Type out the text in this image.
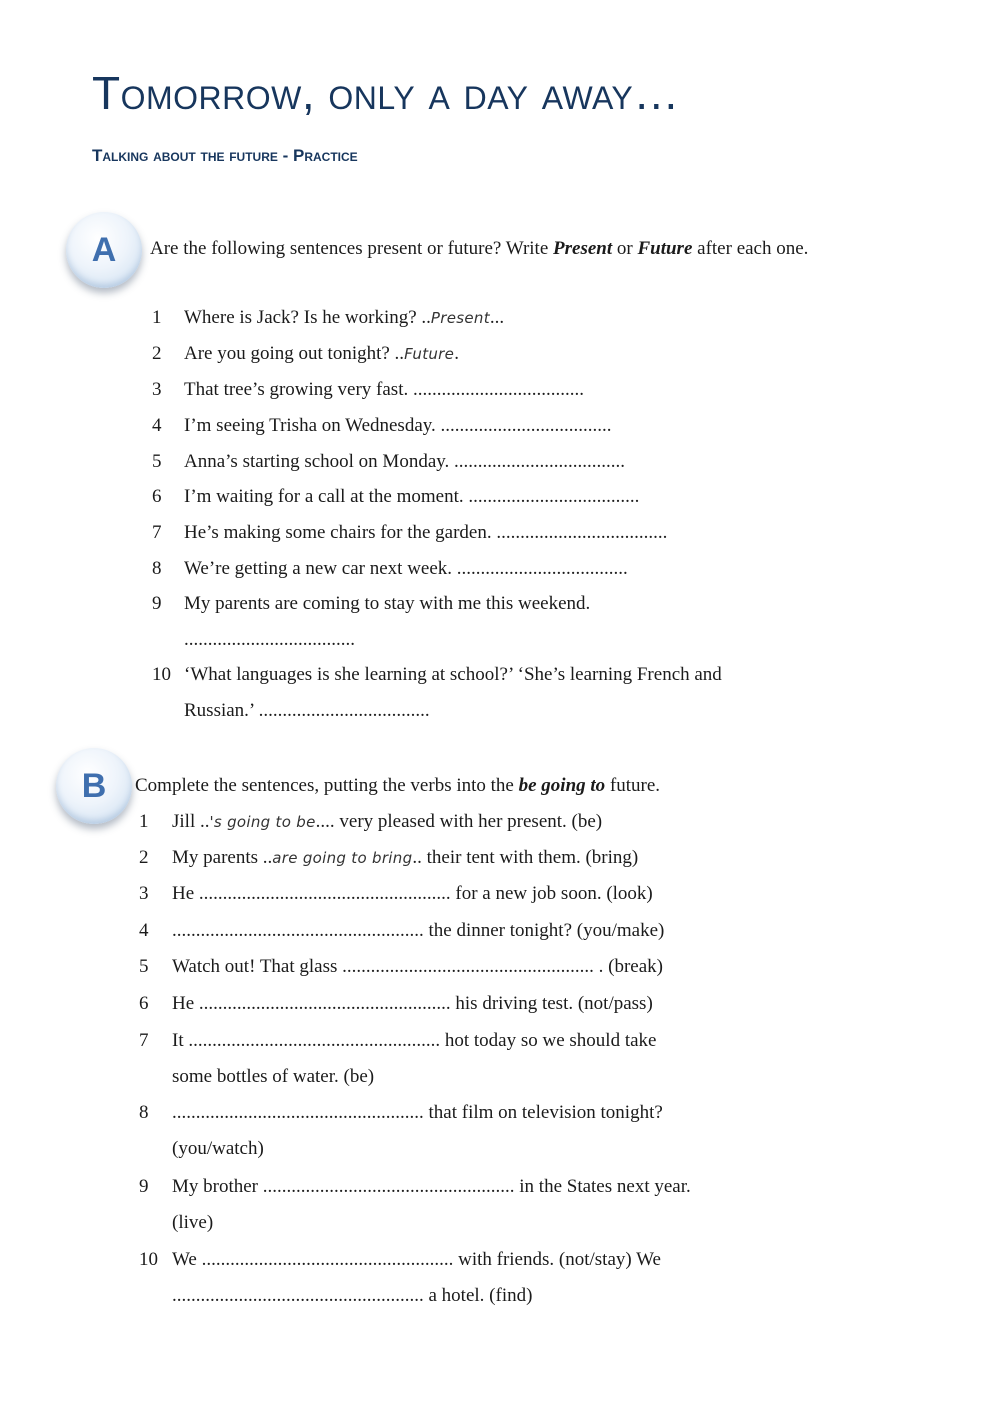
Tomorrow, only a day away…
Talking about the future - Practice
A	Are the following sentences present or future? Write Present or Future after each one.

1 Where is Jack? Is he working? ..Present...
2 Are you going out tonight? ..Future.
3 That tree’s growing very fast. ....................................
4 I’m seeing Trisha on Wednesday. ....................................
5 Anna’s starting school on Monday. ....................................
6 I’m waiting for a call at the moment. ....................................
7 He’s making some chairs for the garden. ....................................
8 We’re getting a new car next week. ....................................
9 My parents are coming to stay with me this weekend.
....................................
10 ‘What languages is she learning at school?’ ‘She’s learning French and
Russian.’ ....................................
B	Complete the sentences, putting the verbs into the be going to future.

1 Jill ..'s going to be.... very pleased with her present. (be)
2 My parents ..are going to bring.. their tent with them. (bring)
3 He ..................................................... for a new job soon. (look)
4 ..................................................... the dinner tonight? (you/make)
5 Watch out! That glass ..................................................... . (break)
6 He ..................................................... his driving test. (not/pass)
7 It ..................................................... hot today so we should take
some bottles of water. (be)
8 ..................................................... that film on television tonight?
(you/watch)
9 My brother ..................................................... in the States next year.
(live)
10 We ..................................................... with friends. (not/stay) We
..................................................... a hotel. (find)
